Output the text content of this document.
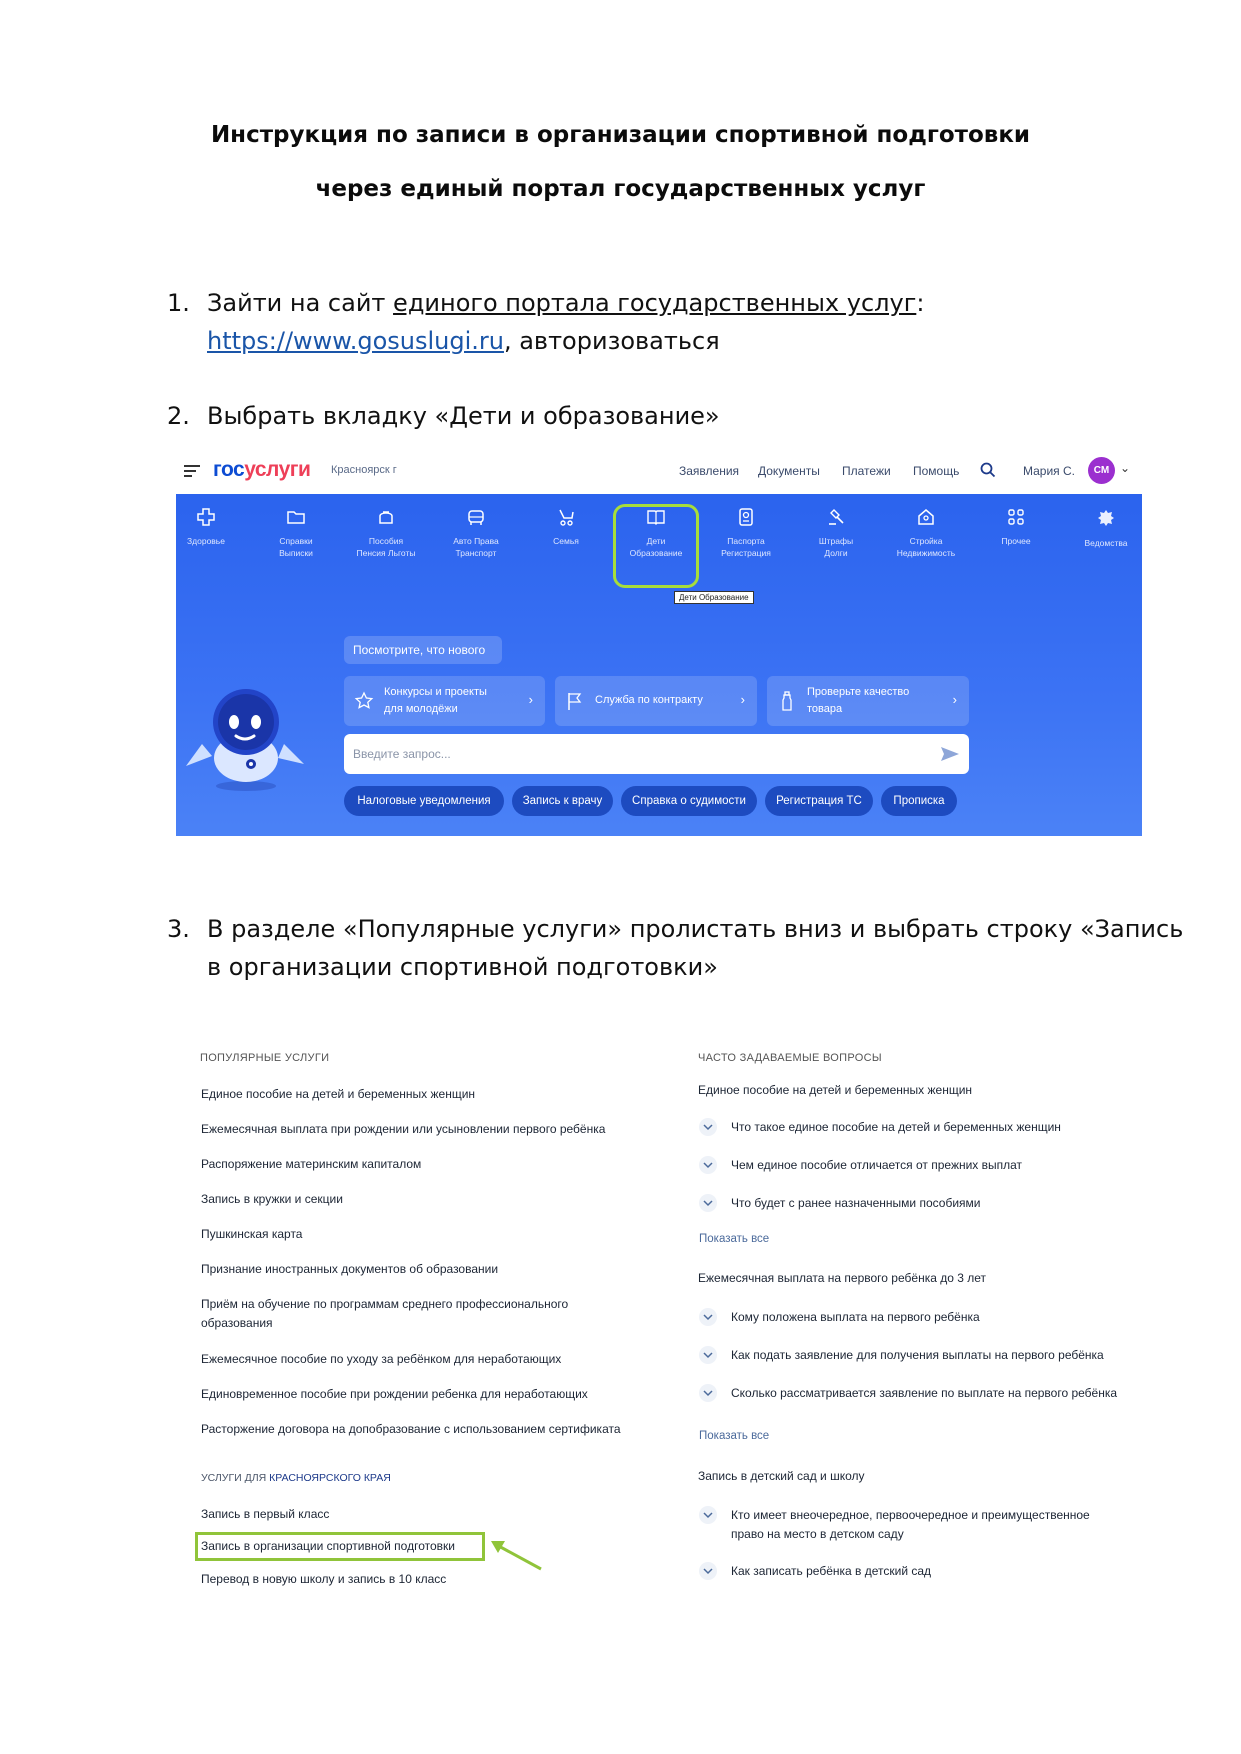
Инструкция по записи в организации спортивной подготовки
через единый портал государственных услуг
1. Зайти на сайт единого портала государственных услуг:
https://www.gosuslugi.ru, авторизоваться
2. Выбрать вкладку «Дети и образование»
госуслуги Красноярск г	Заявления Документы Платежи Помощь	Мария С.	СМ ⌄
Здоровье	Справки
Выписки
Пособия
Пенсия Льготы
Авто Права
Транспорт
Семья	Дети
Образование
Паспорта
Регистрация
Штрафы
Долги
Стройка
Недвижимость
Прочее	Ведомства
Дети Образование
Посмотрите, что нового
Конкурсы и проекты
для молодёжи
›	Служба по контракту	›	Проверьте качество
товара
›
Введите запрос...
Налоговые уведомления	Запись к врачу	Справка о судимости	Регистрация ТС	Прописка
3. В разделе «Популярные услуги» пролистать вниз и выбрать строку «Запись
в организации спортивной подготовки»
ПОПУЛЯРНЫЕ УСЛУГИ
Единое пособие на детей и беременных женщин
Ежемесячная выплата при рождении или усыновлении первого ребёнка
Распоряжение материнским капиталом
Запись в кружки и секции
Пушкинская карта
Признание иностранных документов об образовании
Приём на обучение по программам среднего профессионального
образования
Ежемесячное пособие по уходу за ребёнком для неработающих
Единовременное пособие при рождении ребенка для неработающих
Расторжение договора на допобразование с использованием сертификата
УСЛУГИ ДЛЯ КРАСНОЯРСКОГО КРАЯ
Запись в первый класс
Запись в организации спортивной подготовки
Перевод в новую школу и запись в 10 класс
ЧАСТО ЗАДАВАЕМЫЕ ВОПРОСЫ
Единое пособие на детей и беременных женщин
Что такое единое пособие на детей и беременных женщин
Чем единое пособие отличается от прежних выплат
Что будет с ранее назначенными пособиями
Показать все
Ежемесячная выплата на первого ребёнка до 3 лет
Кому положена выплата на первого ребёнка
Как подать заявление для получения выплаты на первого ребёнка
Сколько рассматривается заявление по выплате на первого ребёнка
Показать все
Запись в детский сад и школу
Кто имеет внеочередное, первоочередное и преимущественное
право на место в детском саду
Как записать ребёнка в детский сад
